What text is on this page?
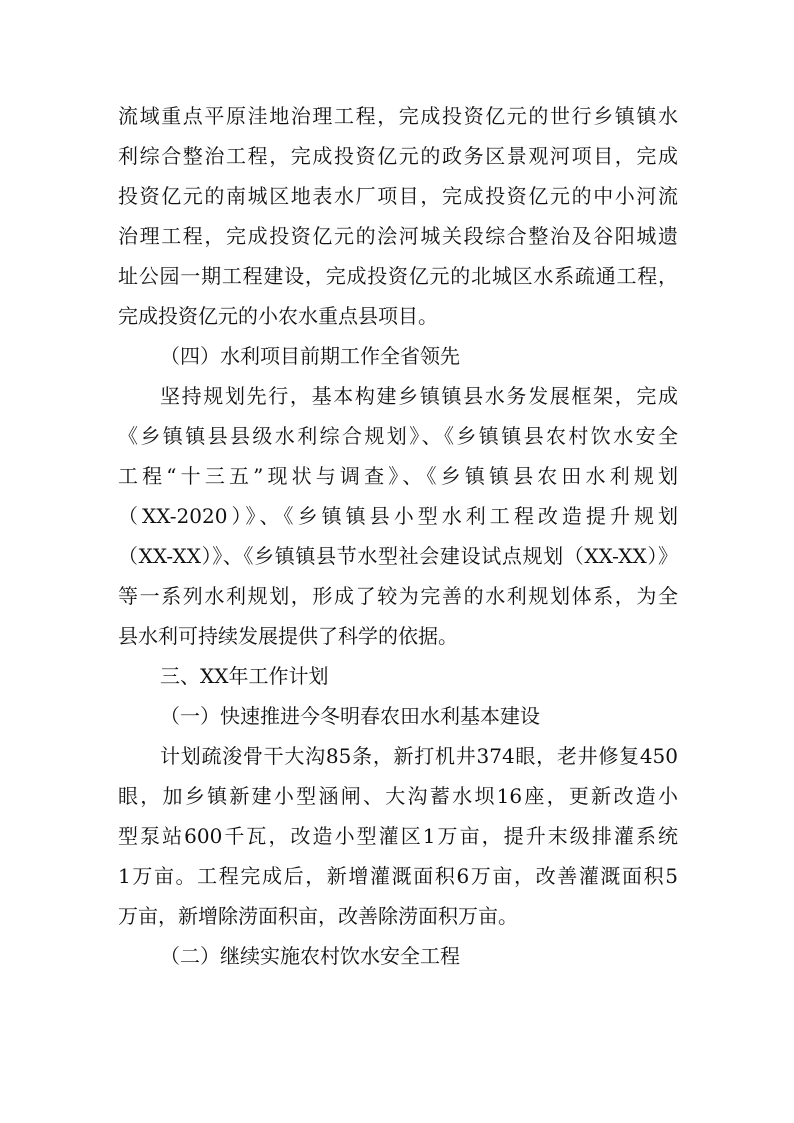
流域重点平原洼地治理工程，完成投资亿元的世行乡镇镇水
利综合整治工程，完成投资亿元的政务区景观河项目，完成
投资亿元的南城区地表水厂项目，完成投资亿元的中小河流
治理工程，完成投资亿元的浍河城关段综合整治及谷阳城遗
址公园一期工程建设，完成投资亿元的北城区水系疏通工程，
完成投资亿元的小农水重点县项目。
（四）水利项目前期工作全省领先
坚持规划先行，基本构建乡镇镇县水务发展框架，完成
《乡镇镇县县级水利综合规划》、《乡镇镇县农村饮水安全
工程“十三五”现状与调查》、《乡镇镇县农田水利规划
（XX-2020）》、《乡镇镇县小型水利工程改造提升规划
（XX-XX）》、《乡镇镇县节水型社会建设试点规划（XX-XX）》
等一系列水利规划，形成了较为完善的水利规划体系，为全
县水利可持续发展提供了科学的依据。
三、XX年工作计划
（一）快速推进今冬明春农田水利基本建设
计划疏浚骨干大沟85条，新打机井374眼，老井修复450
眼，加乡镇新建小型涵闸、大沟蓄水坝16座，更新改造小
型泵站600千瓦，改造小型灌区1万亩，提升末级排灌系统
1万亩。工程完成后，新增灌溉面积6万亩，改善灌溉面积5
万亩，新增除涝面积亩，改善除涝面积万亩。
（二）继续实施农村饮水安全工程
